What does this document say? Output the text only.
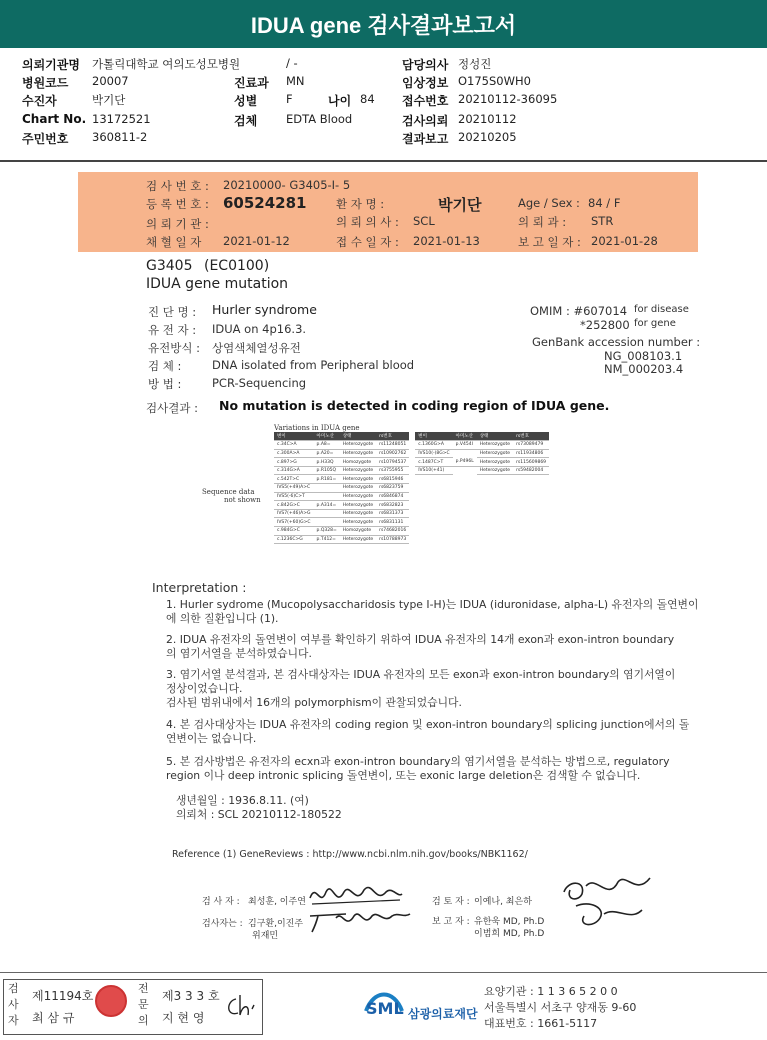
IDUA gene 검사결과보고서
의뢰기관명 가톨릭대학교 여의도성모병원	/ -	담당의사 정성진
병원코드 20007	진료과 MN	임상정보 O175S0WH0
수진자	박기단	성별	F	나이 84 접수번호 20210112-36095
Chart No. 13172521	검체	EDTA Blood	검사의뢰 20210112
주민번호 360811-2	결과보고 20210205
검 사 번 호 : 20210000- G3405-I- 5
등 록 번 호 : 60524281	환 자 명 :	박기단	Age / Sex : 84 / F
의 뢰 기 관 :	의 뢰 의 사 : SCL	의 뢰 과 : STR
채 혈 일 자 2021-01-12	접 수 일 자 : 2021-01-13	보 고 일 자 : 2021-01-28
G3405 (EC0100)
IDUA gene mutation
진 단 명 : Hurler syndrome
유 전 자 : IDUA on 4p16.3.
유전방식 : 상염색체열성유전
검 체 :	DNA isolated from Peripheral blood
방 법 :	PCR-Sequencing
OMIM : #607014 for disease
*252800 for gene
GenBank accession number :
NG_008103.1
NM_000203.4
검사결과 : No mutation is detected in coding region of IDUA gene.
Sequence data
not shown
Variations in IDUA gene
변이	아미노산	상태	rs번호	변이	아미노산	상태	rs번호
c.34C>A	p.A8=	Heterozygote	rs11248051	c.1360G>A	p.V454I	Heterozygote	rs73089479
c.300A>A	p.A20=	Heterozygote	rs10902762	IVS10(-)8G>C		Heterozygote	rs11934806
c.897>G	p.H33Q	Homozygote	rs10794537	c.1487C>T	p.P496L	Heterozygote	rs115609869
c.314G>A	p.R105Q	Heterozygote	rs3755955	IVS10(+41)		Heterozygote	rs59482004
c.542T>C	p.R181=	Heterozygote	rs6815946				
IVS5(+49)A>C		Heterozygote	rs6823759				
IVS5(-6)C>T		Heterozygote	rs6846874				
c.842G>C	p.A314=	Heterozygote	rs6832823				
IVS7(+46)A>G		Heterozygote	rs6831373				
IVS7(+60)G>C		Heterozygote	rs6831131				
c.984G>C	p.Q328=	Homozygote	rs74682016				
c.1236C>G	p.T412=	Heterozygote	rs10788973				
Interpretation :

1. Hurler sydrome (Mucopolysaccharidosis type I-H)는 IDUA (iduronidase, alpha-L) 유전자의 돌연변이

에 의한 질환입니다 (1).

2. IDUA 유전자의 돌연변이 여부를 확인하기 위하여 IDUA 유전자의 14개 exon과 exon-intron boundary

의 염기서열을 분석하였습니다.

3. 염기서열 분석결과, 본 검사대상자는 IDUA 유전자의 모든 exon과 exon-intron boundary의 염기서열이

정상이었습니다.

검사된 범위내에서 16개의 polymorphism이 관찰되었습니다.

4. 본 검사대상자는 IDUA 유전자의 coding region 및 exon-intron boundary의 splicing junction에서의 돌

연변이는 없습니다.

5. 본 검사방법은 유전자의 ecxn과 exon-intron boundary의 염기서열을 분석하는 방법으로, regulatory

region 이나 deep intronic splicing 돌연변이, 또는 exonic large deletion은 검색할 수 없습니다.

생년월일 : 1936.8.11. (여)

의뢰처 : SCL 20210112-180522

Reference (1) GeneReviews : http://www.ncbi.nlm.nih.gov/books/NBK1162/

검 사 자 : 최성훈, 이주연	검 토 자 : 이예나, 최은하
검사자는 : 김구환,이진주
위재민
보 고 자 : 유한욱 MD, Ph.D
이범희 MD, Ph.D
검사자
제11194호
최 삼 규
전문의
제3 3 3 호
지 현 영	SML 삼광의료재단
요양기관 : 1 1 3 6 5 2 0 0
서울특별시 서초구 양재동 9-60
대표번호 : 1661-5117
